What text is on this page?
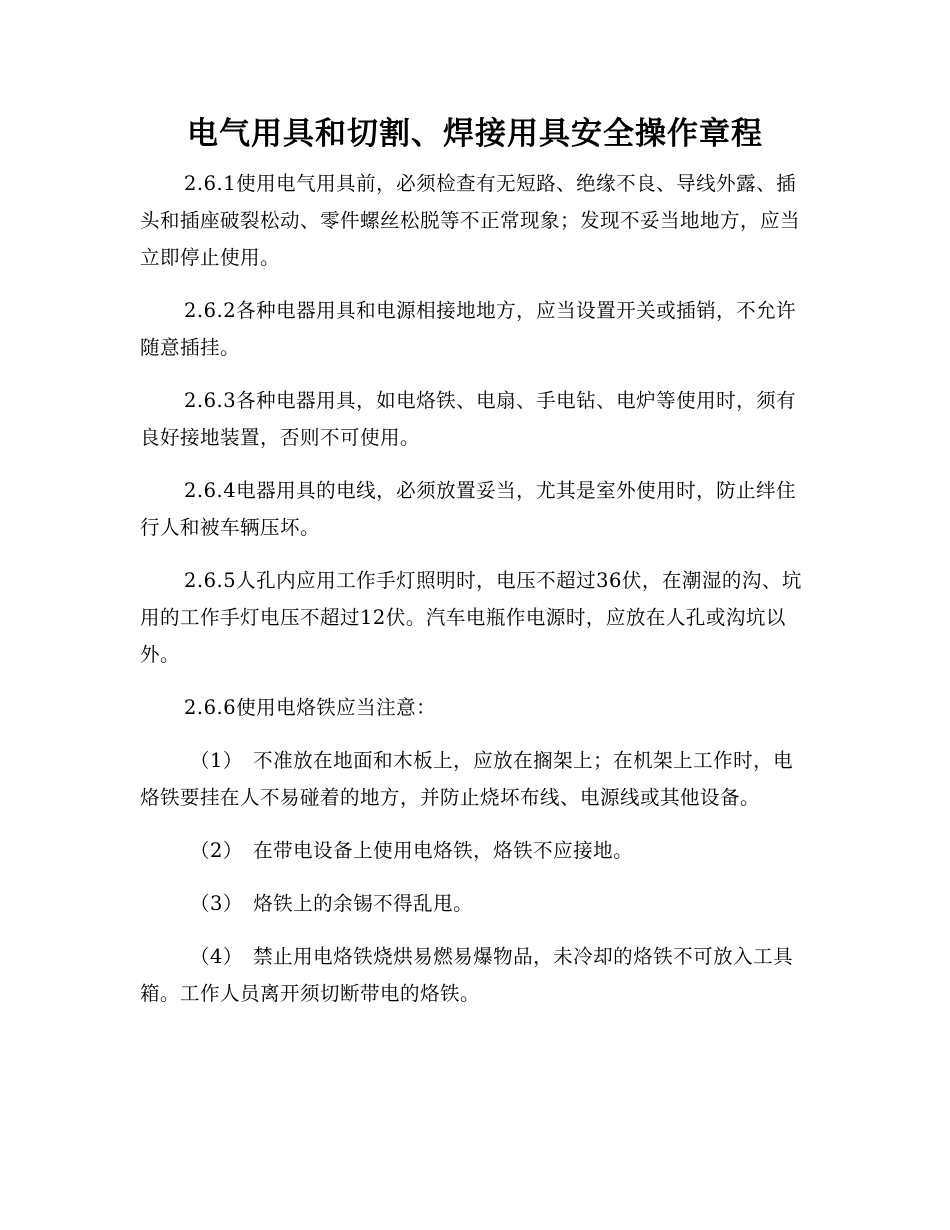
电气用具和切割、焊接用具安全操作章程

2.6.1使用电气用具前，必须检查有无短路、绝缘不良、导线外露、插头和插座破裂松动、零件螺丝松脱等不正常现象；发现不妥当地地方，应当立即停止使用。

2.6.2各种电器用具和电源相接地地方，应当设置开关或插销，不允许随意插挂。

2.6.3各种电器用具，如电烙铁、电扇、手电钻、电炉等使用时，须有良好接地装置，否则不可使用。

2.6.4电器用具的电线，必须放置妥当，尤其是室外使用时，防止绊住行人和被车辆压坏。

2.6.5人孔内应用工作手灯照明时，电压不超过36伏，在潮湿的沟、坑用的工作手灯电压不超过12伏。汽车电瓶作电源时，应放在人孔或沟坑以外。

2.6.6使用电烙铁应当注意：

（1）　不准放在地面和木板上，应放在搁架上；在机架上工作时，电烙铁要挂在人不易碰着的地方，并防止烧坏布线、电源线或其他设备。

（2）　在带电设备上使用电烙铁，烙铁不应接地。

（3）　烙铁上的余锡不得乱甩。

（4）　禁止用电烙铁烧烘易燃易爆物品，未冷却的烙铁不可放入工具箱。工作人员离开须切断带电的烙铁。
